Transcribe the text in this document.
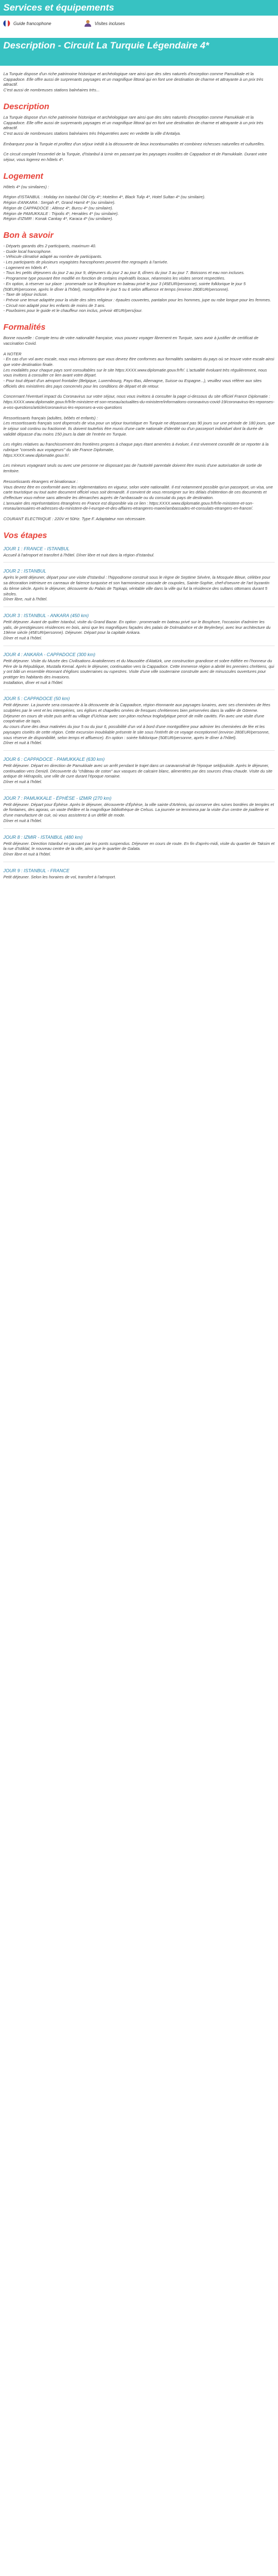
Services et équipements
Guide francophone	Visites incluses
Description - Circuit La Turquie Légendaire 4*

La Turquie dispose d'un riche patrimoine historique et archéologique rare ainsi que des sites naturels d'exception comme Pamukkale et la Cappadoce. Elle offre aussi de surprenants paysages et un magnifique littoral qui en font une destination de charme et attrayante à un prix très attractif.
C'est aussi de nombreuses stations balnéaires très...

Description

La Turquie dispose d'un riche patrimoine historique et archéologique rare ainsi que des sites naturels d'exception comme Pamukkale et la Cappadoce. Elle offre aussi de surprenants paysages et un magnifique littoral qui en font une destination de charme et attrayante à un prix très attractif.
C'est aussi de nombreuses stations balnéaires très fréquentées avec en vedette la ville d'Antalya.

Embarquez pour la Turquie et profitez d'un séjour inédit à la découverte de lieux incontournables et combinez richesses naturelles et culturelles.

Ce circuit complet l'essentiel de la Turquie, d'Istanbul à Izmir en passant par les paysages insolites de Cappadoce et de Pamukkale. Durant votre séjour, vous logerez en hôtels 4*.

Logement

Hôtels 4* (ou similaires) :

Région d'ISTANBUL : Holiday inn Istanbul Old City 4*; Hotelinn 4*, Black Tulip 4*, Hotel Sultan 4* (ou similaire).
Région d'ANKARA : Sergah 4*, Grand Hamit 4* (ou similaire).
Région de CAPPADOCE : Altinoz 4*, Burcu 4* (ou similaire).
Région de PAMUKKALE : Tripolis 4*, Herakles 4* (ou similaire).
Région d'IZMIR : Konak Cankay 4*, Karaca 4* (ou similaire).

Bon à savoir

- Départs garantis dès 2 participants, maximum 40.
- Guide local francophone.
- Véhicule climatisé adapté au nombre de participants.
- Les participants de plusieurs voyagistes francophones peuvent être regroupés à l'arrivée.
- Logement en hôtels 4*.
- Tous les petits déjeuners du jour 2 au jour 9, déjeuners du jour 2 au jour 8, dîners du jour 3 au jour 7. Boissons et eau non incluses.
- Programme type pouvant être modifié en fonction de certains impératifs locaux, néanmoins les visites seront respectées.
- En option, à réserver sur place : promenade sur le Bosphore en bateau privé le jour 3 (45EUR/personne), soirée folklorique le jour 5 (50EUR/personne, après le dîner à l'hôtel), montgolfière le jour 5 ou 6 selon affluence et temps (environ 280EUR/personne).
- Taxe de séjour incluse.
- Prévoir une tenue adaptée pour la visite des sites religieux : épaules couvertes, pantalon pour les hommes, jupe ou robe longue pour les femmes.
- Circuit non adapté pour les enfants de moins de 3 ans.
- Pourboires pour le guide et le chauffeur non inclus, prévoir 4EUR/pers/jour.

Formalités

Bonne nouvelle : Compte tenu de votre nationalité française, vous pouvez voyager librement en Turquie, sans avoir à justifier de certificat de vaccination Covid.

A NOTER
- En cas d'un vol avec escale, nous vous informons que vous devrez être conformes aux formalités sanitaires du pays où se trouve votre escale ainsi que votre destination finale.
Les modalités pour chaque pays sont consultables sur le site https:XXXX.www.diplomatie.gouv.fr/fr/. L'actualité évoluant très régulièrement, nous vous invitons à consulter ce lien avant votre départ.
- Pour tout départ d'un aéroport frontalier (Belgique, Luxembourg, Pays-Bas, Allemagne, Suisse ou Espagne...), veuillez vous référer aux sites officiels des ministères des pays concernés pour les conditions de départ et de retour.

Concernant l'éventuel impact du Coronavirus sur votre séjour, nous vous invitons à consulter la page ci-dessous du site officiel France Diplomatie : https:XXXX.www.diplomatie.gouv.fr/fr/le-ministere-et-son-reseau/actualites-du-ministere/informations-coronavirus-covid-19/coronavirus-les-reponses-a-vos-questions/article/coronavirus-les-reponses-a-vos-questions

Ressortissants français (adultes, bébés et enfants) :
Les ressortissants français sont dispensés de visa pour un séjour touristique en Turquie ne dépassant pas 90 jours sur une période de 180 jours, que le séjour soit continu ou fractionné. Ils doivent toutefois être munis d'une carte nationale d'identité ou d'un passeport individuel dont la durée de validité dépasse d'au moins 150 jours la date de l'entrée en Turquie.

Les règles relatives au franchissement des frontières propres à chaque pays étant amenées à évoluer, il est vivement conseillé de se reporter à la rubrique "conseils aux voyageurs" du site France Diplomatie,
https:XXXX.www.diplomatie.gouv.fr/.

Les mineurs voyageant seuls ou avec une personne ne disposant pas de l'autorité parentale doivent être munis d'une autorisation de sortie de territoire.

Ressortissants étrangers et binationaux :
Vous devrez être en conformité avec les réglementations en vigueur, selon votre nationalité. Il est notamment possible qu'un passeport, un visa, une carte touristique ou tout autre document officiel vous soit demandé. Il convient de vous renseigner sur les délais d'obtention de ces documents et d'effectuer vous-même sans attendre les démarches auprès de l'ambassade ou du consulat du pays de destination.
L'annuaire des représentations étrangères en France est disponible via ce lien : https:XXXX.www.diplomatie.gouv.fr/fr/le-ministere-et-son-reseau/annuaires-et-adresses-du-ministere-de-l-europe-et-des-affaires-etrangeres-maeei/ambassades-et-consulats-etrangers-en-france/.

COURANT ELECTRIQUE : 220V et 50Hz. Type F. Adaptateur non nécessaire.

Vos étapes
JOUR 1 : FRANCE - ISTANBUL

Accueil à l'aéroport et transfert à l'hôtel. Dîner libre et nuit dans la région d'Istanbul.

JOUR 2 : ISTANBUL

Après le petit déjeuner, départ pour une visite d'Istanbul : l'hippodrome construit sous le règne de Septime Sévère, la Mosquée Bleue, célèbre pour sa décoration intérieure en carreaux de faïence turquoise et son harmonieuse cascade de coupoles, Sainte-Sophie, chef-d'oeuvre de l'art byzantin du 6ème siècle. Après le déjeuner, découverte du Palais de Topkapi, véritable ville dans la ville qui fut la résidence des sultans ottomans durant 5 siècles.
Dîner libre, nuit à l'hôtel.

JOUR 3 : ISTANBUL - ANKARA (450 km)

Petit déjeuner. Avant de quitter Istanbul, visite du Grand Bazar. En option : promenade en bateau privé sur le Bosphore, l'occasion d'admirer les yalis, de prestigieuses résidences en bois, ainsi que les magnifiques façades des palais de Dolmabahce et de Beylerbeyi, avec leur architecture du 19ème siècle (45EUR/personne). Déjeuner. Départ pour la capitale Ankara.
Dîner et nuit à l'hôtel.

JOUR 4 : ANKARA - CAPPADOCE (300 km)

Petit déjeuner. Visite du Musée des Civilisations Anatoliennes et du Mausolée d'Atatürk, une construction grandiose et sobre édifiée en l'honneur du Père de la République, Mustafa Kemal. Après le déjeuner, continuation vers la Cappadoce. Cette immense région a abrité les premiers chrétiens, qui y ont bâti un ensemble étonnant d'églises souterraines ou rupestres. Visite d'une ville souterraine construite avec de minuscules ouvertures pour protéger les habitants des invasions.
Installation, dîner et nuit à l'hôtel.

JOUR 5 : CAPPADOCE (50 km)

Petit déjeuner. La journée sera consacrée à la découverte de la Cappadoce, région étonnante aux paysages lunaires, avec ses cheminées de fées sculptées par le vent et les intempéries, ses églises et chapelles ornées de fresques chrétiennes bien préservées dans la vallée de Göreme. Déjeuner en cours de visite puis arrêt au village d'Uchisar avec son piton rocheux troglodytique percé de mille cavités. Fin avec une visite d'une coopérative de tapis.
Au cours d'une des deux matinées du jour 5 ou du jour 6, possibilité d'un vol à bord d'une montgolfière pour admirer les cheminées de fée et les paysages ciselés de cette région. Cette excursion inoubliable présente le site sous l'intérêt de ce voyage exceptionnel (environ 280EUR/personne, sous réserve de disponibilité, selon temps et affluence). En option : soirée folklorique (50EUR/personne, après le dîner à l'hôtel).
Dîner et nuit à l'hôtel.

JOUR 6 : CAPPADOCE - PAMUKKALE (630 km)

Petit déjeuner. Départ en direction de Pamukkale avec un arrêt pendant le trajet dans un caravansérail de l'époque seldjoukide. Après le déjeuner, continuation vers Denizli. Découverte du "château de coton" aux vasques de calcaire blanc, alimentées par des sources d'eau chaude. Visite du site antique de Hiérapolis, une ville de cure durant l'époque romaine.
Dîner et nuit à l'hôtel.

JOUR 7 : PAMUKKALE - ÉPHÈSE - IZMIR (270 km)

Petit déjeuner. Départ pour Éphèse. Après le déjeuner, découverte d'Éphèse, la ville sainte d'Artémis, qui conserve des ruines bordées de temples et de fontaines, des agoras, un vaste théâtre et la magnifique bibliothèque de Celsus. La journée se terminera par la visite d'un centre de joaillerie et d'une manufacture de cuir, où vous assisterez à un défilé de mode.
Dîner et nuit à l'hôtel.

JOUR 8 : IZMIR - ISTANBUL (480 km)

Petit déjeuner. Direction Istanbul en passant par les ponts suspendus. Déjeuner en cours de route. En fin d'après-midi, visite du quartier de Taksim et la rue d'Istiklal, le nouveau centre de la ville, ainsi que le quartier de Galata.
Dîner libre et nuit à l'hôtel.

JOUR 9 : ISTANBUL - FRANCE

Petit déjeuner. Selon les horaires de vol, transfert à l'aéroport.
